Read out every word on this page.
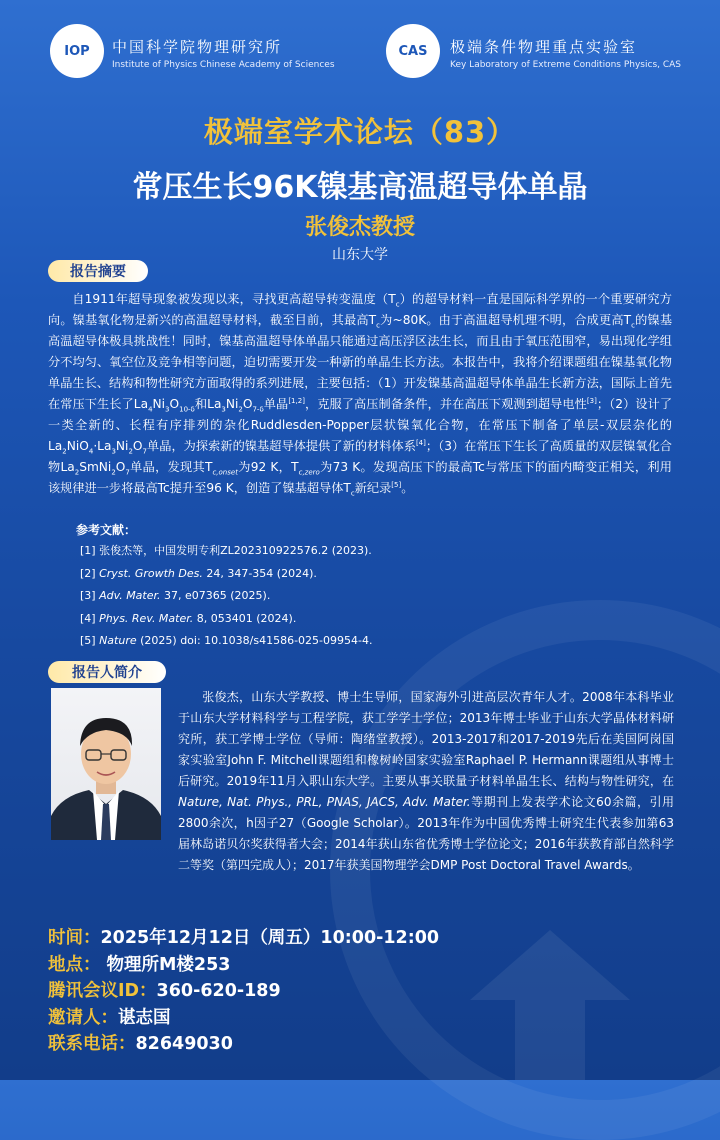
IOP 中国科学院物理研究所
Institute of Physics Chinese Academy of Sciences
CAS 极端条件物理重点实验室
Key Laboratory of Extreme Conditions Physics, CAS
极端室学术论坛（83）
常压生长96K镍基高温超导体单晶
张俊杰教授
山东大学
报告摘要
自1911年超导现象被发现以来，寻找更高超导转变温度$(T_c)$的超导材料一直是国际科学界的一个重要研究方向。镍基氧化物是新兴的高温超导材料，截至目前，其最高$T_c$为~80K。由于高温超导机理不明，合成更高$T_c$的镍基高温超导体极具挑战性！同时，镍基高温超导体单晶只能通过高压浮区法生长，而且由于氧压范围窄，易出现化学组分不均匀、氧空位及竞争相等问题，迫切需要开发一种新的单晶生长方法。本报告中，我将介绍课题组在镍基氧化物单晶生长、结构和物性研究方面取得的系列进展，主要包括：（1）开发镍基高温超导体单晶生长新方法，国际上首先在常压下生长了$La_4Ni_3O_{10-\delta}$和$La_3Ni_2O_{7-\delta}$单晶[1,2]，克服了高压制备条件，并在高压下观测到超导电性[3]；（2）设计了一类全新的、长程有序排列的杂化Ruddlesden-Popper层状镍氧化合物，在常压下制备了单层-双层杂化的$La_2NiO_4\cdot La_3Ni_2O_7$单晶，为探索新的镍基超导体提供了新的材料体系[4]；（3）在常压下生长了高质量的双层镍氧化合物$La_2SmNi_2O_7$单晶，发现其$T_{c,onset}$为92 K，$T_{c,zero}$为73 K。发现高压下的最高Tc与常压下的面内畸变正相关，利用该规律进一步将最高Tc提升至96 K，创造了镍基超导体$T_c$新纪录[5]。
参考文献：
[1] 张俊杰等，中国发明专利ZL202310922576.2 (2023).
[2] Cryst. Growth Des. 24, 347-354 (2024).
[3] Adv. Mater. 37, e07365 (2025).
[4] Phys. Rev. Mater. 8, 053401 (2024).
[5] Nature (2025) doi: 10.1038/s41586-025-09954-4.
报告人简介
张俊杰，山东大学教授、博士生导师，国家海外引进高层次青年人才。2008年本科毕业于山东大学材料科学与工程学院，获工学学士学位；2013年博士毕业于山东大学晶体材料研究所，获工学博士学位（导师：陶绪堂教授）。2013-2017和2017-2019先后在美国阿岗国家实验室John F. Mitchell课题组和橡树岭国家实验室Raphael P. Hermann课题组从事博士后研究。2019年11月入职山东大学。主要从事关联量子材料单晶生长、结构与物性研究，在Nature, Nat. Phys., PRL, PNAS, JACS, Adv. Mater.等期刊上发表学术论文60余篇，引用2800余次，h因子27（Google Scholar）。2013年作为中国优秀博士研究生代表参加第63届林岛诺贝尔奖获得者大会；2014年获山东省优秀博士学位论文；2016年获教育部自然科学二等奖（第四完成人）；2017年获美国物理学会DMP Post Doctoral Travel Awards。
时间：2025年12月12日（周五）10:00-12:00
地点： 物理所M楼253
腾讯会议ID：360-620-189
邀请人：谌志国
联系电话：82649030
